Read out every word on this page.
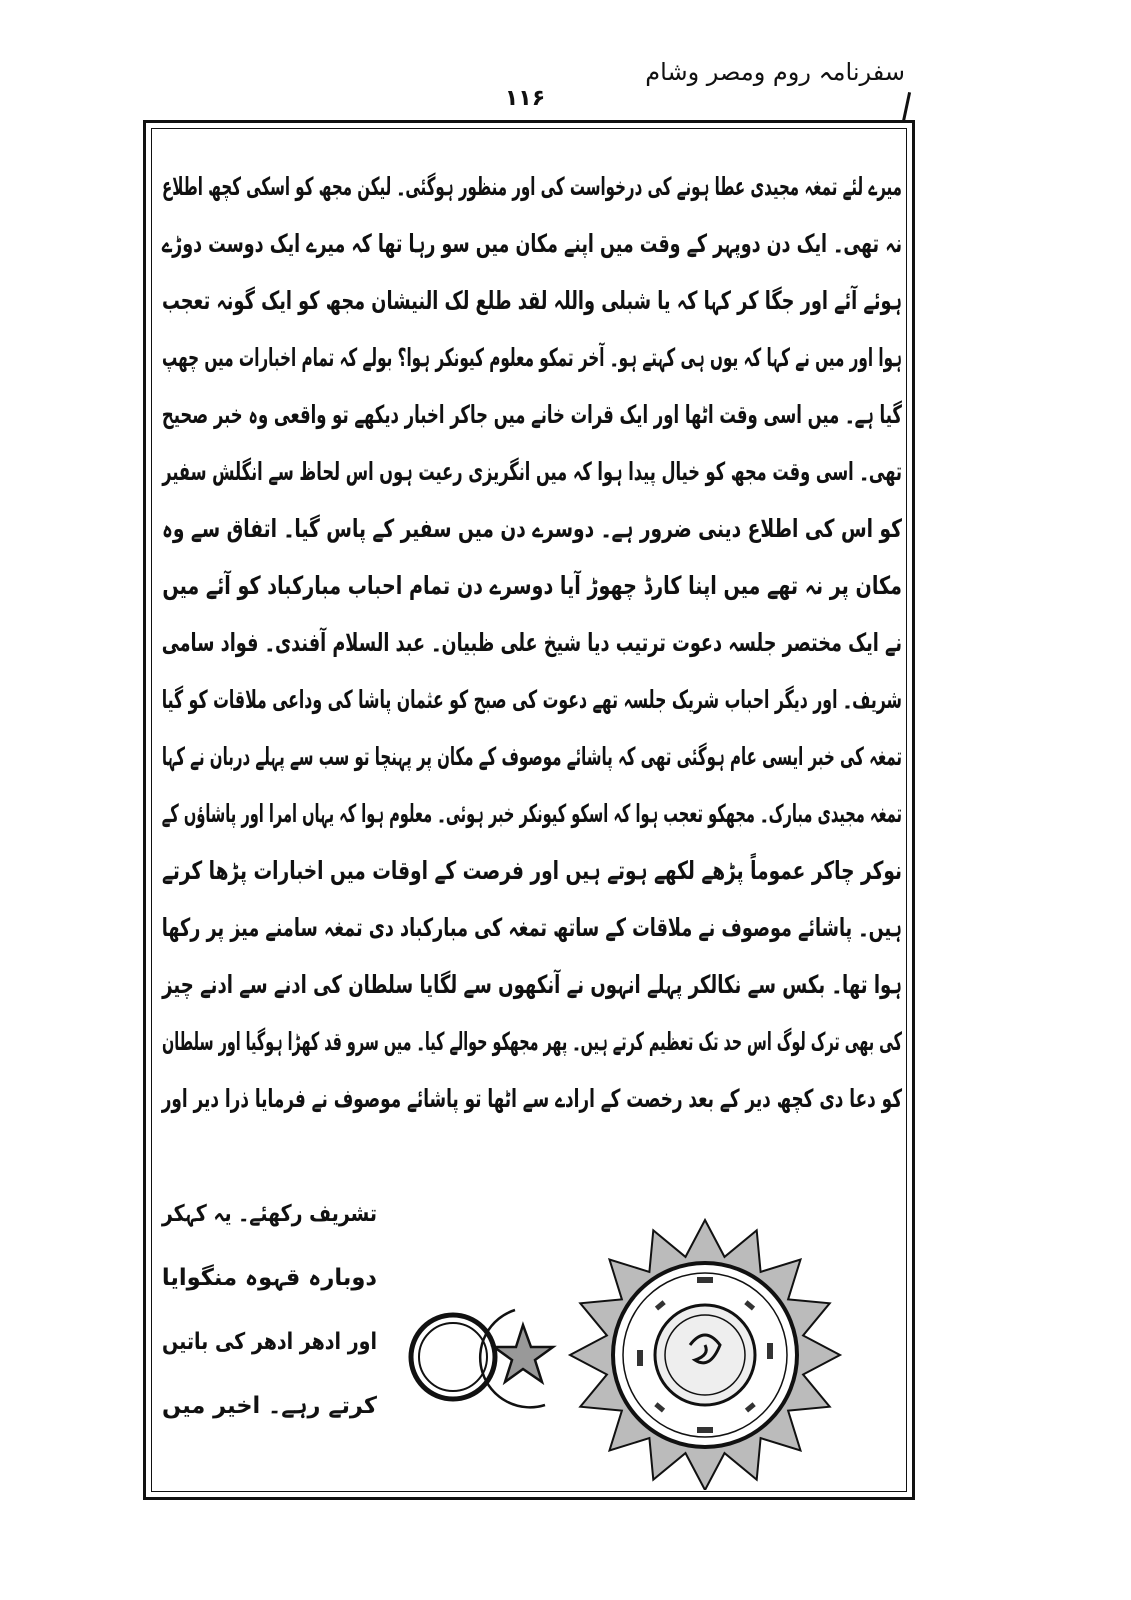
سفرنامہ روم ومصر وشام
۱۱۶
میرے لئے تمغہ مجیدی عطا ہونے کی درخواست کی اور منظور ہوگئی۔ لیکن مجھ کو اسکی کچھ اطلاع
نہ تھی۔ ایک دن دوپہر کے وقت میں اپنے مکان میں سو رہا تھا کہ میرے ایک دوست دوڑے
ہوئے آئے اور جگا کر کہا کہ یا شبلی واللہ لقد طلع لک النیشان مجھ کو ایک گونہ تعجب
ہوا اور میں نے کہا کہ یوں ہی کہتے ہو۔ آخر تمکو معلوم کیونکر ہوا؟ بولے کہ تمام اخبارات میں چھپ
گیا ہے۔ میں اسی وقت اٹھا اور ایک قرات خانے میں جاکر اخبار دیکھے تو واقعی وہ خبر صحیح
تھی۔ اسی وقت مجھ کو خیال پیدا ہوا کہ میں انگریزی رعیت ہوں اس لحاظ سے انگلش سفیر
کو اس کی اطلاع دینی ضرور ہے۔ دوسرے دن میں سفیر کے پاس گیا۔ اتفاق سے وہ
مکان پر نہ تھے میں اپنا کارڈ چھوڑ آیا دوسرے دن تمام احباب مبارکباد کو آئے میں
نے ایک مختصر جلسہ دعوت ترتیب دیا شیخ علی ظبیان۔ عبد السلام آفندی۔ فواد سامی
شریف۔ اور دیگر احباب شریک جلسہ تھے دعوت کی صبح کو عثمان پاشا کی وداعی ملاقات کو گیا
تمغہ کی خبر ایسی عام ہوگئی تھی کہ پاشائے موصوف کے مکان پر پہنچا تو سب سے پہلے دربان نے کہا
تمغہ مجیدی مبارک۔ مجھکو تعجب ہوا کہ اسکو کیونکر خبر ہوئی۔ معلوم ہوا کہ یہاں امرا اور پاشاؤں کے
نوکر چاکر عموماً پڑھے لکھے ہوتے ہیں اور فرصت کے اوقات میں اخبارات پڑھا کرتے
ہیں۔ پاشائے موصوف نے ملاقات کے ساتھ تمغہ کی مبارکباد دی تمغہ سامنے میز پر رکھا
ہوا تھا۔ بکس سے نکالکر پہلے انہوں نے آنکھوں سے لگایا سلطان کی ادنے سے ادنے چیز
کی بھی ترک لوگ اس حد تک تعظیم کرتے ہیں۔ پھر مجھکو حوالے کیا۔ میں سرو قد کھڑا ہوگیا اور سلطان
کو دعا دی کچھ دیر کے بعد رخصت کے ارادے سے اٹھا تو پاشائے موصوف نے فرمایا ذرا دیر اور
تشریف رکھئے۔ یہ کہکر
دوبارہ قہوہ منگوایا
اور ادھر ادھر کی باتیں
کرتے رہے۔ اخیر میں
